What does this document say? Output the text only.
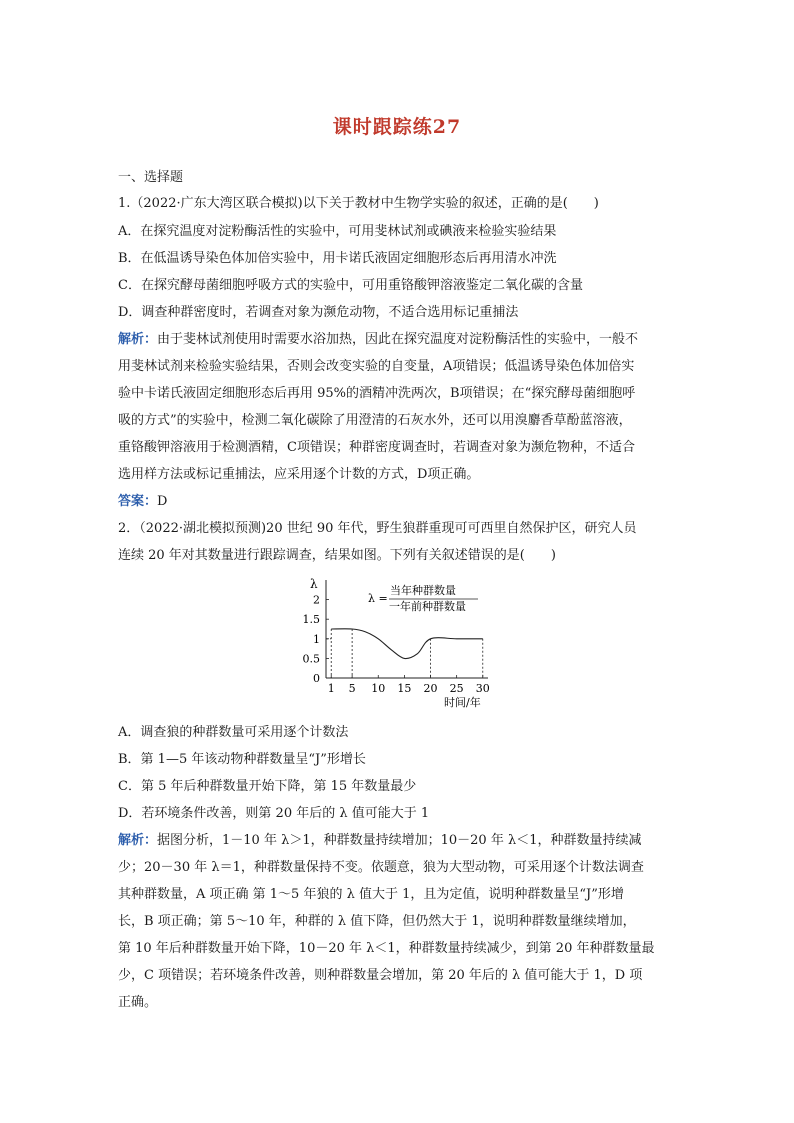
课时跟踪练27
一、选择题
1.（2022·广东大湾区联合模拟)以下关于教材中生物学实验的叙述，正确的是(　　)
A．在探究温度对淀粉酶活性的实验中，可用斐林试剂或碘液来检验实验结果
B．在低温诱导染色体加倍实验中，用卡诺氏液固定细胞形态后再用清水冲洗
C．在探究酵母菌细胞呼吸方式的实验中，可用重铬酸钾溶液鉴定二氧化碳的含量
D．调查种群密度时，若调查对象为濒危动物，不适合选用标记重捕法
解析：由于斐林试剂使用时需要水浴加热，因此在探究温度对淀粉酶活性的实验中，一般不
用斐林试剂来检验实验结果，否则会改变实验的自变量，A项错误；低温诱导染色体加倍实
验中卡诺氏液固定细胞形态后再用 95%的酒精冲洗两次，B项错误；在“探究酵母菌细胞呼
吸的方式”的实验中，检测二氧化碳除了用澄清的石灰水外，还可以用溴麝香草酚蓝溶液，
重铬酸钾溶液用于检测酒精，C项错误；种群密度调查时，若调查对象为濒危物种，不适合
选用样方法或标记重捕法，应采用逐个计数的方式，D项正确。
答案：D
2．（2022·湖北模拟预测)20 世纪 90 年代，野生狼群重现可可西里自然保护区，研究人员
连续 20 年对其数量进行跟踪调查，结果如图。下列有关叙述错误的是(　　)
λ
0
0.5
1
1.5
2
1 5 10 15 20 25 30
λ =
当年种群数量
一年前种群数量
时间/年
A．调查狼的种群数量可采用逐个计数法
B．第 1—5 年该动物种群数量呈“J”形增长
C．第 5 年后种群数量开始下降，第 15 年数量最少
D．若环境条件改善，则第 20 年后的 λ 值可能大于 1
解析：据图分析，1－10 年 λ＞1，种群数量持续增加；10－20 年 λ＜1，种群数量持续减
少；20－30 年 λ＝1，种群数量保持不变。依题意，狼为大型动物，可采用逐个计数法调查
其种群数量，A 项正确 第 1～5 年狼的 λ 值大于 1，且为定值，说明种群数量呈“J”形增
长，B 项正确；第 5～10 年，种群的 λ 值下降，但仍然大于 1，说明种群数量继续增加，
第 10 年后种群数量开始下降，10－20 年 λ＜1，种群数量持续减少，到第 20 年种群数量最
少，C 项错误；若环境条件改善，则种群数量会增加，第 20 年后的 λ 值可能大于 1，D 项
正确。
